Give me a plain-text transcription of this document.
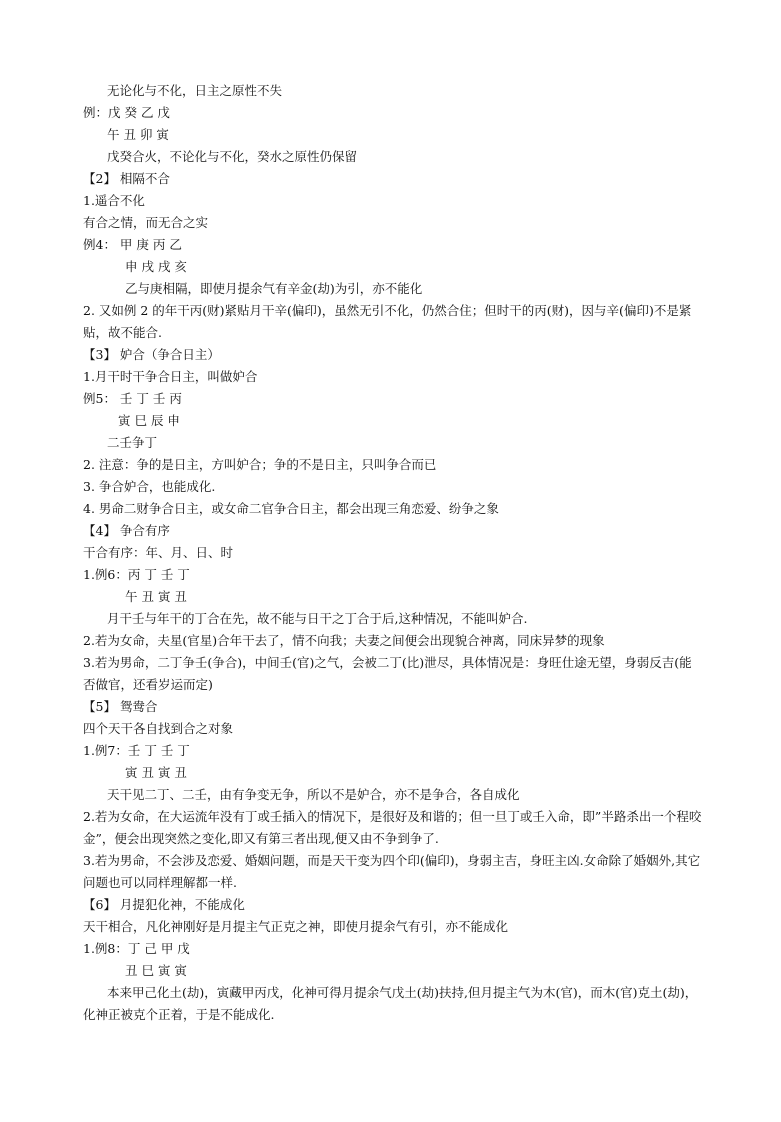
无论化与不化，日主之原性不失
例：戊 癸 乙 戊
午 丑 卯 寅
戊癸合火，不论化与不化，癸水之原性仍保留
【2】 相隔不合
1.遥合不化
有合之情，而无合之实
例4： 甲 庚 丙 乙
申 戌 戌 亥
乙与庚相隔，即使月提余气有辛金(劫)为引，亦不能化
2. 又如例 2 的年干丙(财)紧贴月干辛(偏印)，虽然无引不化，仍然合住；但时干的丙(财)，因与辛(偏印)不是紧贴，故不能合.
【3】 妒合（争合日主）
1.月干时干争合日主，叫做妒合
例5： 壬 丁 壬 丙
寅 巳 辰 申
二壬争丁
2. 注意：争的是日主，方叫妒合；争的不是日主，只叫争合而已
3. 争合妒合，也能成化.
4. 男命二财争合日主，或女命二官争合日主，都会出现三角恋爱、纷争之象
【4】 争合有序
干合有序：年、月、日、时
1.例6：丙 丁 壬 丁
午 丑 寅 丑
月干壬与年干的丁合在先，故不能与日干之丁合于后,这种情况，不能叫妒合.
2.若为女命，夫星(官星)合年干去了，情不向我；夫妻之间便会出现貌合神离，同床异梦的现象
3.若为男命，二丁争壬(争合)，中间壬(官)之气，会被二丁(比)泄尽，具体情况是：身旺仕途无望，身弱反吉(能否做官，还看岁运而定)
【5】 鸳鸯合
四个天干各自找到合之对象
1.例7：壬 丁 壬 丁
寅 丑 寅 丑
天干见二丁、二壬，由有争变无争，所以不是妒合，亦不是争合，各自成化
2.若为女命，在大运流年没有丁或壬插入的情况下，是很好及和谐的；但一旦丁或壬入命，即”半路杀出一个程咬金”，便会出现突然之变化,即又有第三者出现,便又由不争到争了.
3.若为男命，不会涉及恋爱、婚姻问题，而是天干变为四个印(偏印)，身弱主吉，身旺主凶.女命除了婚姻外,其它问题也可以同样理解都一样.
【6】 月提犯化神，不能成化
天干相合，凡化神刚好是月提主气正克之神，即使月提余气有引，亦不能成化
1.例8：丁 己 甲 戊
丑 巳 寅 寅
本来甲己化土(劫)，寅藏甲丙戊，化神可得月提余气戊土(劫)扶持,但月提主气为木(官)，而木(官)克土(劫)，化神正被克个正着，于是不能成化.
